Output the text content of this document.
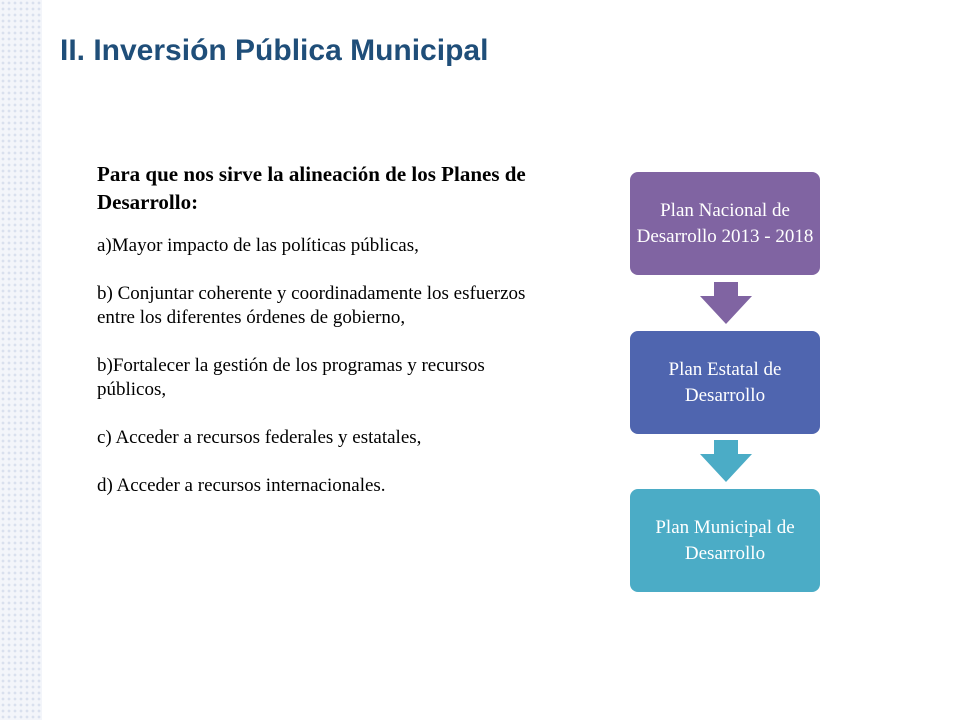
II. Inversión Pública Municipal
Para que nos sirve la alineación de los Planes de Desarrollo:

a)Mayor impacto de las políticas públicas,

b) Conjuntar coherente y coordinadamente los esfuerzos entre los diferentes órdenes de gobierno,

b)Fortalecer la gestión de los programas y recursos públicos,

c) Acceder a recursos federales y estatales,

d) Acceder a recursos internacionales.

Plan Nacional de Desarrollo 2013 - 2018
Plan Estatal de Desarrollo
Plan Municipal de Desarrollo
